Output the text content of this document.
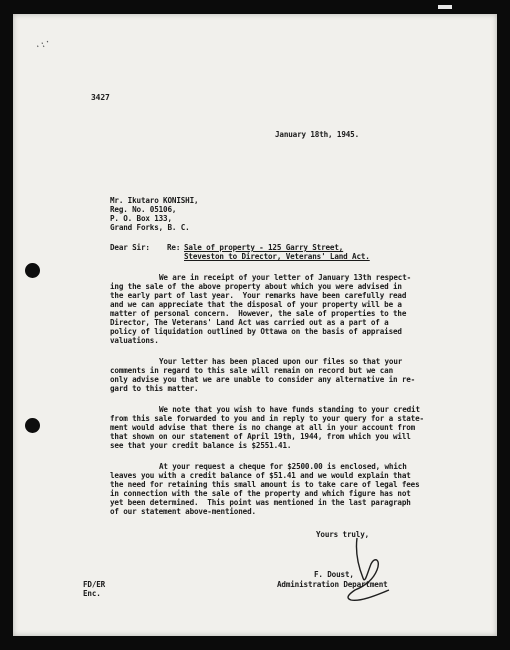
·:·

3427

January 18th, 1945.

Mr. Ikutaro KONISHI,

Reg. No. 05106,

P. O. Box 133,

Grand Forks, B. C.

Dear Sir: Re: Sale of property - 125 Garry Street,

Steveston to Director, Veterans' Land Act.

We are in receipt of your letter of January 13th respect-

ing the sale of the above property about which you were advised in

the early part of last year.  Your remarks have been carefully read

and we can appreciate that the disposal of your property will be a

matter of personal concern.  However, the sale of properties to the

Director, The Veterans' Land Act was carried out as a part of a

policy of liquidation outlined by Ottawa on the basis of appraised

valuations.

Your letter has been placed upon our files so that your

comments in regard to this sale will remain on record but we can

only advise you that we are unable to consider any alternative in re-

gard to this matter.

We note that you wish to have funds standing to your credit

from this sale forwarded to you and in reply to your query for a state-

ment would advise that there is no change at all in your account from

that shown on our statement of April 19th, 1944, from which you will

see that your credit balance is $2551.41.

At your request a cheque for $2500.00 is enclosed, which

leaves you with a credit balance of $51.41 and we would explain that

the need for retaining this small amount is to take care of legal fees

in connection with the sale of the property and which figure has not

yet been determined.  This point was mentioned in the last paragraph

of our statement above-mentioned.

Yours truly,

F. Doust,

Administration Department

FD/ER

Enc.
